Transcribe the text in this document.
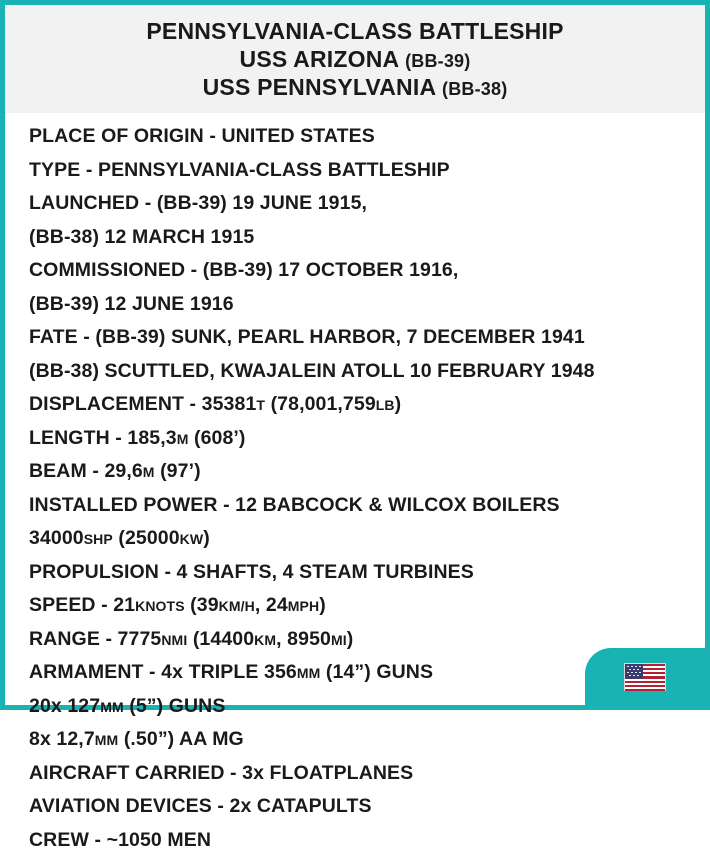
PENNSYLVANIA-CLASS BATTLESHIP
USS ARIZONA (BB-39)
USS PENNSYLVANIA (BB-38)
PLACE OF ORIGIN - UNITED STATES
TYPE - PENNSYLVANIA-CLASS BATTLESHIP
LAUNCHED - (BB-39) 19 JUNE 1915,
(BB-38) 12 MARCH 1915
COMMISSIONED - (BB-39) 17 OCTOBER 1916,
(BB-39) 12 JUNE 1916
FATE - (BB-39) SUNK, PEARL HARBOR, 7 DECEMBER 1941
(BB-38) SCUTTLED, KWAJALEIN ATOLL 10 FEBRUARY 1948
DISPLACEMENT - 35381T (78,001,759LB)
LENGTH - 185,3M (608’)
BEAM - 29,6M (97’)
INSTALLED POWER - 12 BABCOCK & WILCOX BOILERS
34000SHP (25000KW)
PROPULSION - 4 SHAFTS, 4 STEAM TURBINES
SPEED - 21KNOTS (39KM/H, 24MPH)
RANGE - 7775NMI (14400KM, 8950MI)
ARMAMENT - 4x TRIPLE 356MM (14”) GUNS
20x 127MM (5”) GUNS
8x 12,7MM (.50”) AA MG
AIRCRAFT CARRIED - 3x FLOATPLANES
AVIATION DEVICES - 2x CATAPULTS
CREW - ~1050 MEN
